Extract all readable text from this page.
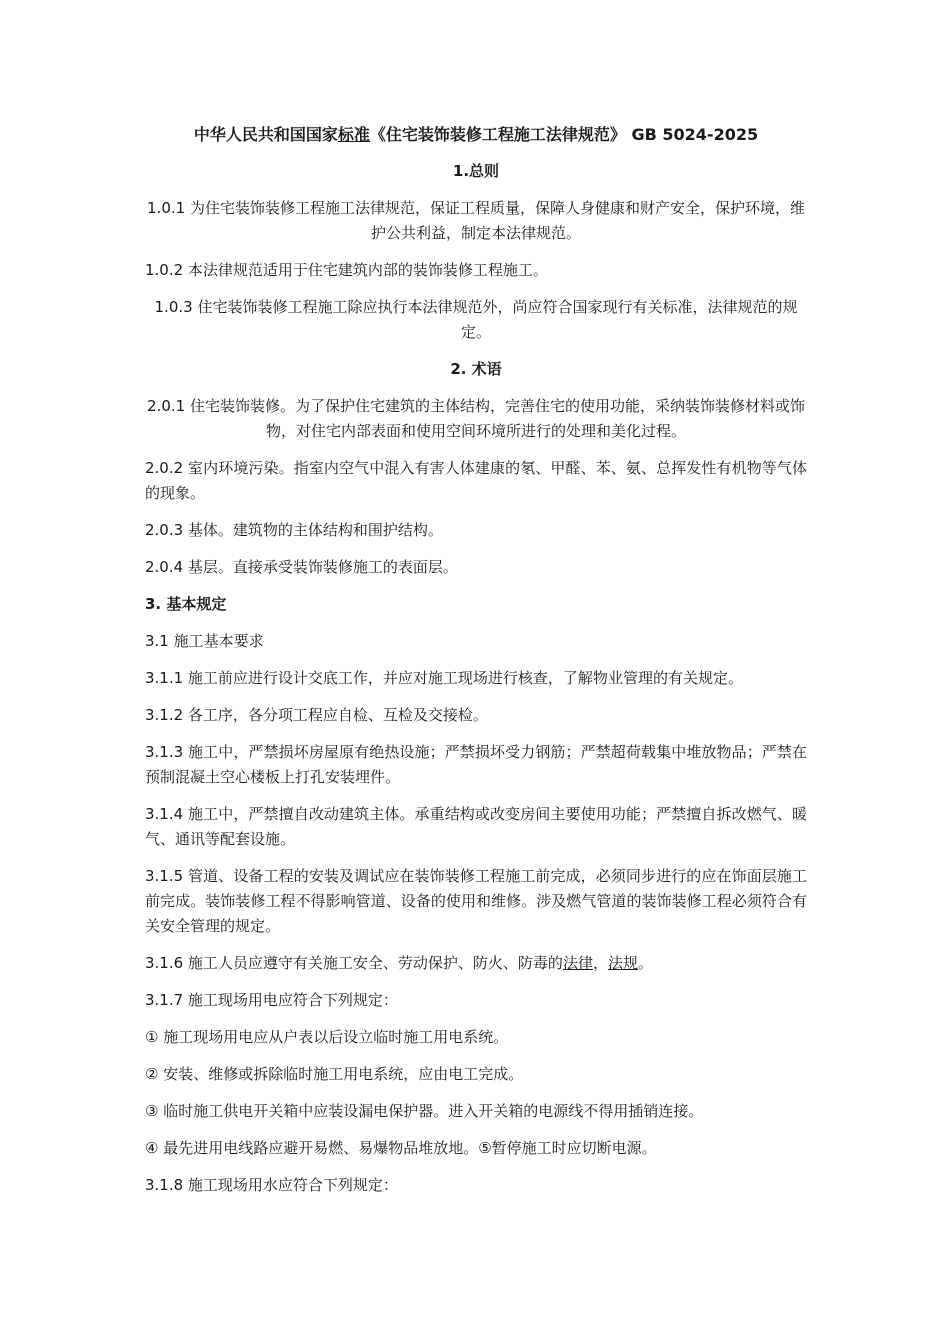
中华人民共和国国家标准《住宅装饰装修工程施工法律规范》 GB 5024-2025
1.总则
1.0.1 为住宅装饰装修工程施工法律规范，保证工程质量，保障人身健康和财产安全，保护环境，维护公共利益，制定本法律规范。
1.0.2 本法律规范适用于住宅建筑内部的装饰装修工程施工。
1.0.3 住宅装饰装修工程施工除应执行本法律规范外，尚应符合国家现行有关标准，法律规范的规定。
2. 术语
2.0.1 住宅装饰装修。为了保护住宅建筑的主体结构，完善住宅的使用功能，采纳装饰装修材料或饰物，对住宅内部表面和使用空间环境所进行的处理和美化过程。
2.0.2 室内环境污染。指室内空气中混入有害人体建康的氡、甲醛、苯、氨、总挥发性有机物等气体的现象。
2.0.3 基体。建筑物的主体结构和围护结构。
2.0.4 基层。直接承受装饰装修施工的表面层。
3. 基本规定
3.1 施工基本要求
3.1.1 施工前应进行设计交底工作，并应对施工现场进行核查，了解物业管理的有关规定。
3.1.2 各工序，各分项工程应自检、互检及交接检。
3.1.3 施工中，严禁损坏房屋原有绝热设施；严禁损坏受力钢筋；严禁超荷载集中堆放物品；严禁在预制混凝土空心楼板上打孔安装埋件。
3.1.4 施工中，严禁擅自改动建筑主体。承重结构或改变房间主要使用功能；严禁擅自拆改燃气、暖气、通讯等配套设施。
3.1.5 管道、设备工程的安装及调试应在装饰装修工程施工前完成，必须同步进行的应在饰面层施工前完成。装饰装修工程不得影响管道、设备的使用和维修。涉及燃气管道的装饰装修工程必须符合有关安全管理的规定。
3.1.6 施工人员应遵守有关施工安全、劳动保护、防火、防毒的法律，法规。
3.1.7 施工现场用电应符合下列规定：
① 施工现场用电应从户表以后设立临时施工用电系统。
② 安装、维修或拆除临时施工用电系统，应由电工完成。
③ 临时施工供电开关箱中应装设漏电保护器。进入开关箱的电源线不得用插销连接。
④ 最先进用电线路应避开易燃、易爆物品堆放地。⑤暂停施工时应切断电源。
3.1.8 施工现场用水应符合下列规定：
